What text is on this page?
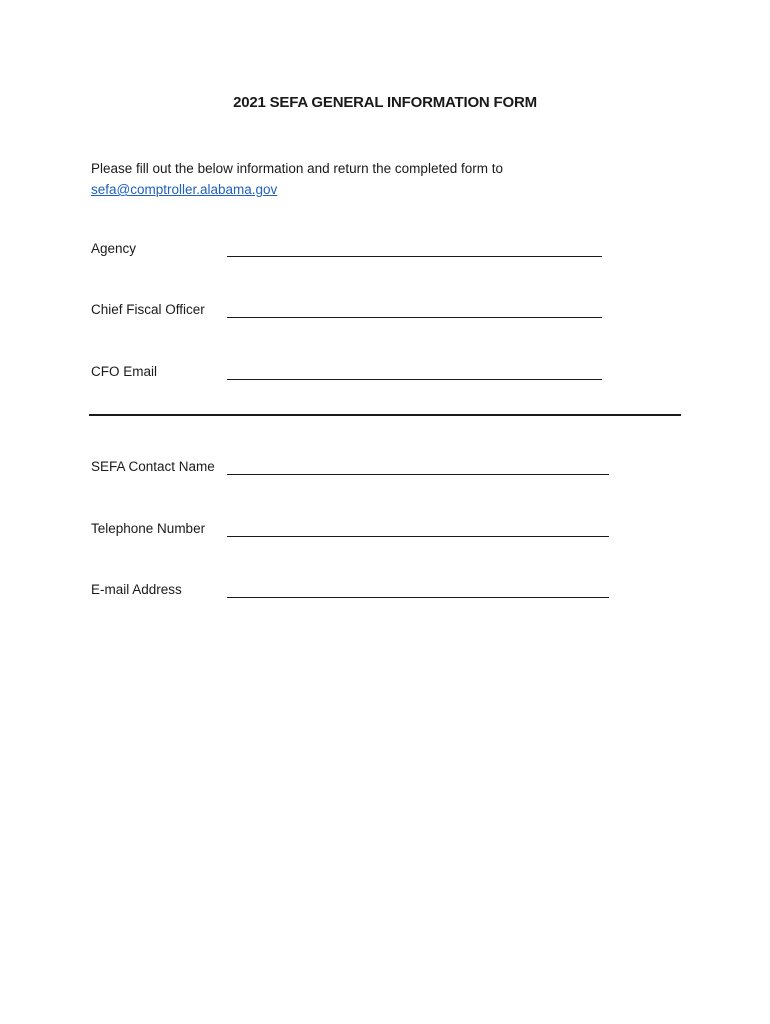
2021 SEFA GENERAL INFORMATION FORM

Please fill out the below information and return the completed form to
sefa@comptroller.alabama.gov

Agency

Chief Fiscal Officer

CFO Email

SEFA Contact Name

Telephone Number

E-mail Address
